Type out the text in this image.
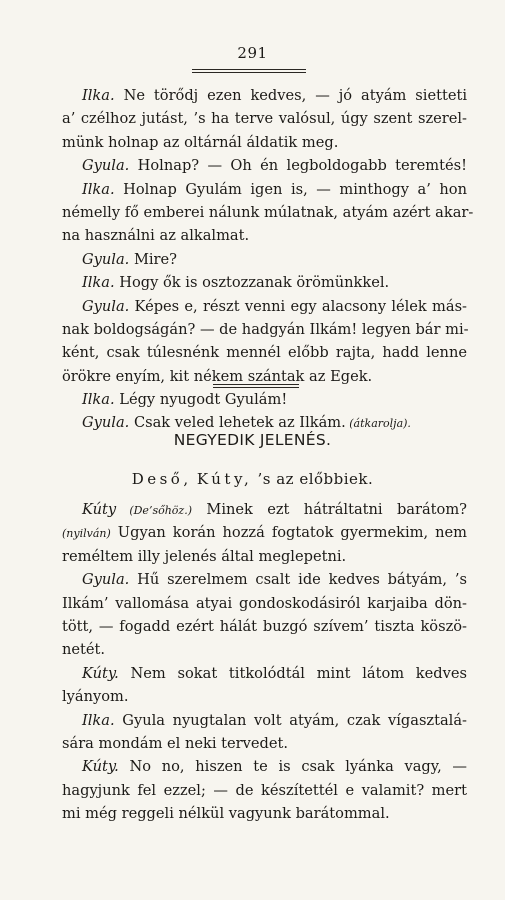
291
Ilka. Ne törődj ezen kedves, — jó atyám sietteti
a’ czélhoz jutást, ’s ha terve valósul, úgy szent szerel-
münk holnap az oltárnál áldatik meg.
Gyula. Holnap? — Oh én legboldogabb teremtés!
Ilka. Holnap Gyulám igen is, — minthogy a’ hon
némelly fő emberei nálunk múlatnak, atyám azért akar-
na használni az alkalmat.
Gyula. Mire?
Ilka. Hogy ők is osztozzanak örömünkkel.
Gyula. Képes e, részt venni egy alacsony lélek más-
nak boldogságán? — de hadgyán Ilkám! legyen bár mi-
ként, csak túlesnénk mennél előbb rajta, hadd lenne
örökre enyím, kit nékem szántak az Egek.
Ilka. Légy nyugodt Gyulám!
Gyula. Csak veled lehetek az Ilkám. (átkarolja).
NEGYEDIK JELENÉS.
Deső, Kúty, ’s az előbbiek.
Kúty (De’sőhöz.) Minek ezt hátráltatni barátom?
(nyilván) Ugyan korán hozzá fogtatok gyermekim, nem
reméltem illy jelenés által meglepetni.
Gyula. Hű szerelmem csalt ide kedves bátyám, ’s
Ilkám’ vallomása atyai gondoskodásiról karjaiba dön-
tött, — fogadd ezért hálát buzgó szívem’ tiszta köszö-
netét.
Kúty. Nem sokat titkolódtál mint látom kedves
lyányom.
Ilka. Gyula nyugtalan volt atyám, czak vígasztalá-
sára mondám el neki tervedet.
Kúty. No no, hiszen te is csak lyánka vagy, —
hagyjunk fel ezzel; — de készítettél e valamit? mert
mi még reggeli nélkül vagyunk barátommal.
